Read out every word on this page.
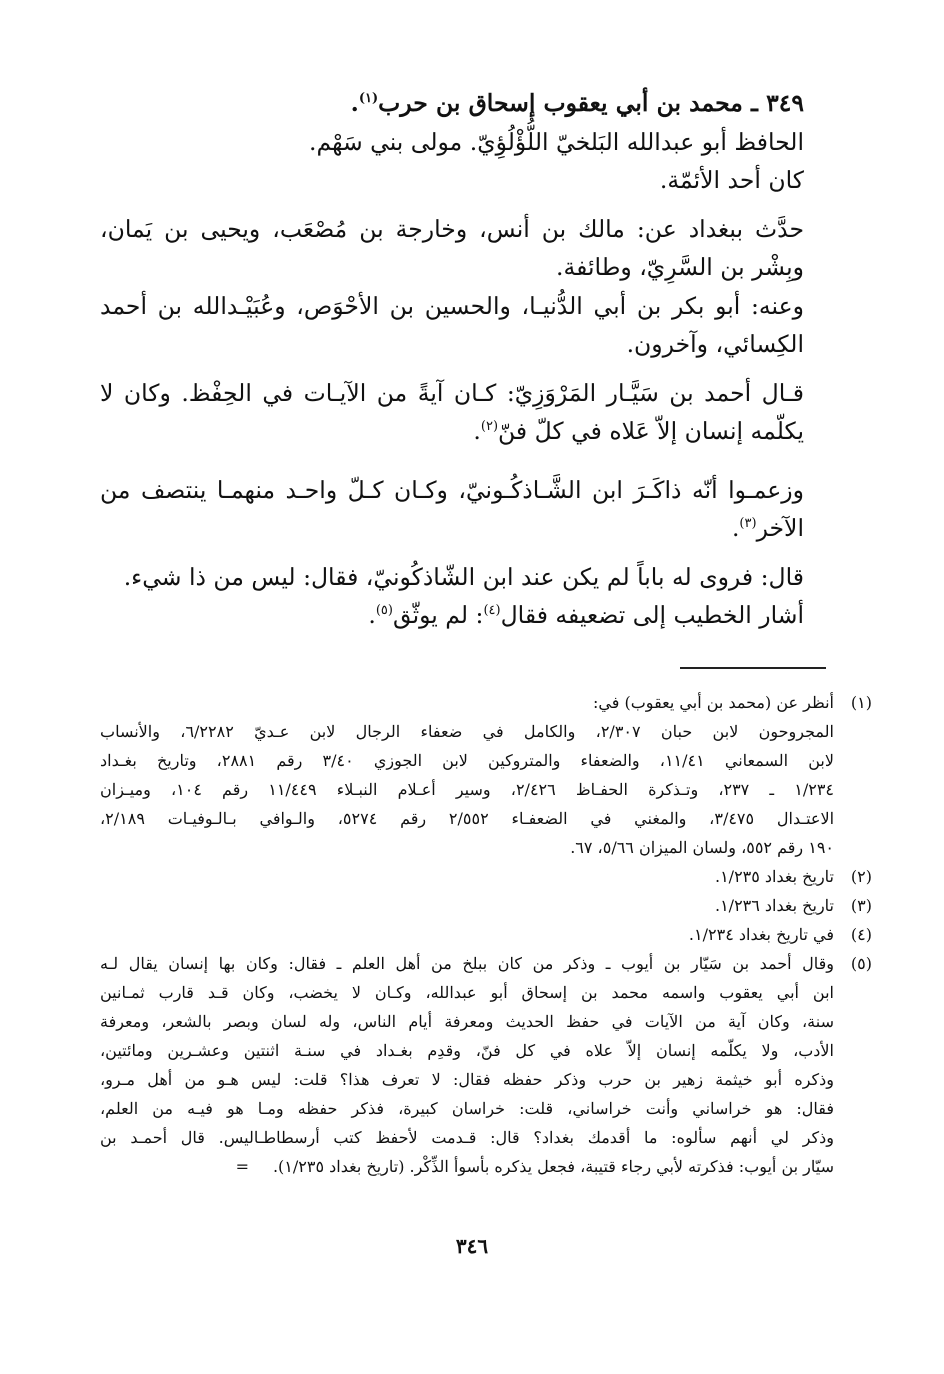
٣٤٩ ـ محمد بن أبي يعقوب إسحاق بن حرب$^{(١)}$.
الحافظ أبو عبدالله البَلخيّ اللُّؤْلُؤِيّ. مولى بني سَهْم.
كان أحد الأئمّة.
حدَّث ببغداد عن: مالك بن أنس، وخارجة بن مُصْعَب، ويحيى بن يَمان،
وبِشْر بن السَّرِيّ، وطائفة.
وعنه: أبو بكر بن أبي الدُّنيـا، والحسين بن الأحْوَص، وعُبَيْـدالله بن أحمد
الكِسائي، وآخرون.
قـال أحمد بن سَيَّـار المَرْوَزِيّ: كـان آيةً من الآيـات في الحِفْظ. وكان لا
يكلّمه إنسان إلاّ عَلاه في كلّ فنّ$^{(٢)}$.
وزعمـوا أنّه ذاكَـرَ ابن الشَّـاذكُـونيّ، وكـان كـلّ واحـد منهمـا ينتصف من
الآخر$^{(٣)}$.
قال: فروى له باباً لم يكن عند ابن الشّاذكُونيّ، فقال: ليس من ذا شيء.
أشار الخطيب إلى تضعيفه فقال$^{(٤)}$: لم يوثّق$^{(٥)}$.
(١)
أنظر عن (محمد بن أبي يعقوب) في:
المجروحون لابن حبان ٢/٣٠٧، والكامل في ضعفاء الرجال لابن عـديّ ٦/٢٢٨٢، والأنساب
لابن السمعاني ١١/٤١، والضعفاء والمتروكين لابن الجوزي ٣/٤٠ رقم ٢٨٨١، وتاريخ بغـداد
١/٢٣٤ ـ ٢٣٧، وتـذكرة الحفـاظ ٢/٤٢٦، وسير أعـلام النبـلاء ١١/٤٤٩ رقم ١٠٤، وميـزان
الاعتـدال ٣/٤٧٥، والمغني في الضعفـاء ٢/٥٥٢ رقم ٥٢٧٤، والـوافي بـالـوفيـات ٢/١٨٩،
١٩٠ رقم ٥٥٢، ولسان الميزان ٥/٦٦، ٦٧.
(٢)
تاريخ بغداد ١/٢٣٥.
(٣)
تاريخ بغداد ١/٢٣٦.
(٤)
في تاريخ بغداد ١/٢٣٤.
(٥)
وقال أحمد بن سَيّار بن أيوب ـ وذكر من كان ببلخ من أهل العلم ـ فقال: وكان بها إنسان يقال لـه
ابن أبي يعقوب واسمه محمد بن إسحاق أبو عبدالله، وكـان لا يخضب، وكان قـد قارب ثمـانين
سنة، وكان آية من الآيات في حفظ الحديث ومعرفة أيام الناس، وله لسان وبصر بالشعر، ومعرفة
الأدب، ولا يكلّمه إنسان إلاّ علاه في كل فنّ، وقدِم بغـداد في سنـة اثنتين وعشـرين ومائتين،
وذكره أبو خيثمة زهير بن حرب وذكر حفظه فقال: لا تعرف هذا؟ قلت: ليس هـو من أهل مـرو،
فقال: هو خراساني وأنت خراساني، قلت: خراسان كبيرة، فذكر حفظه ومـا هو فيـه من العلم،
وذكر لي أنهم سألوه: ما أقدمك بغداد؟ قال: قـدمت لأحفظ كتب أرسطاطـاليس. قال أحمـد بن
سيّار بن أيوب: فذكرته لأبي رجاء قتيبة، فجعل يذكره بأسوأ الذِّكْر. (تاريخ بغداد ١/٢٣٥).=
٣٤٦
